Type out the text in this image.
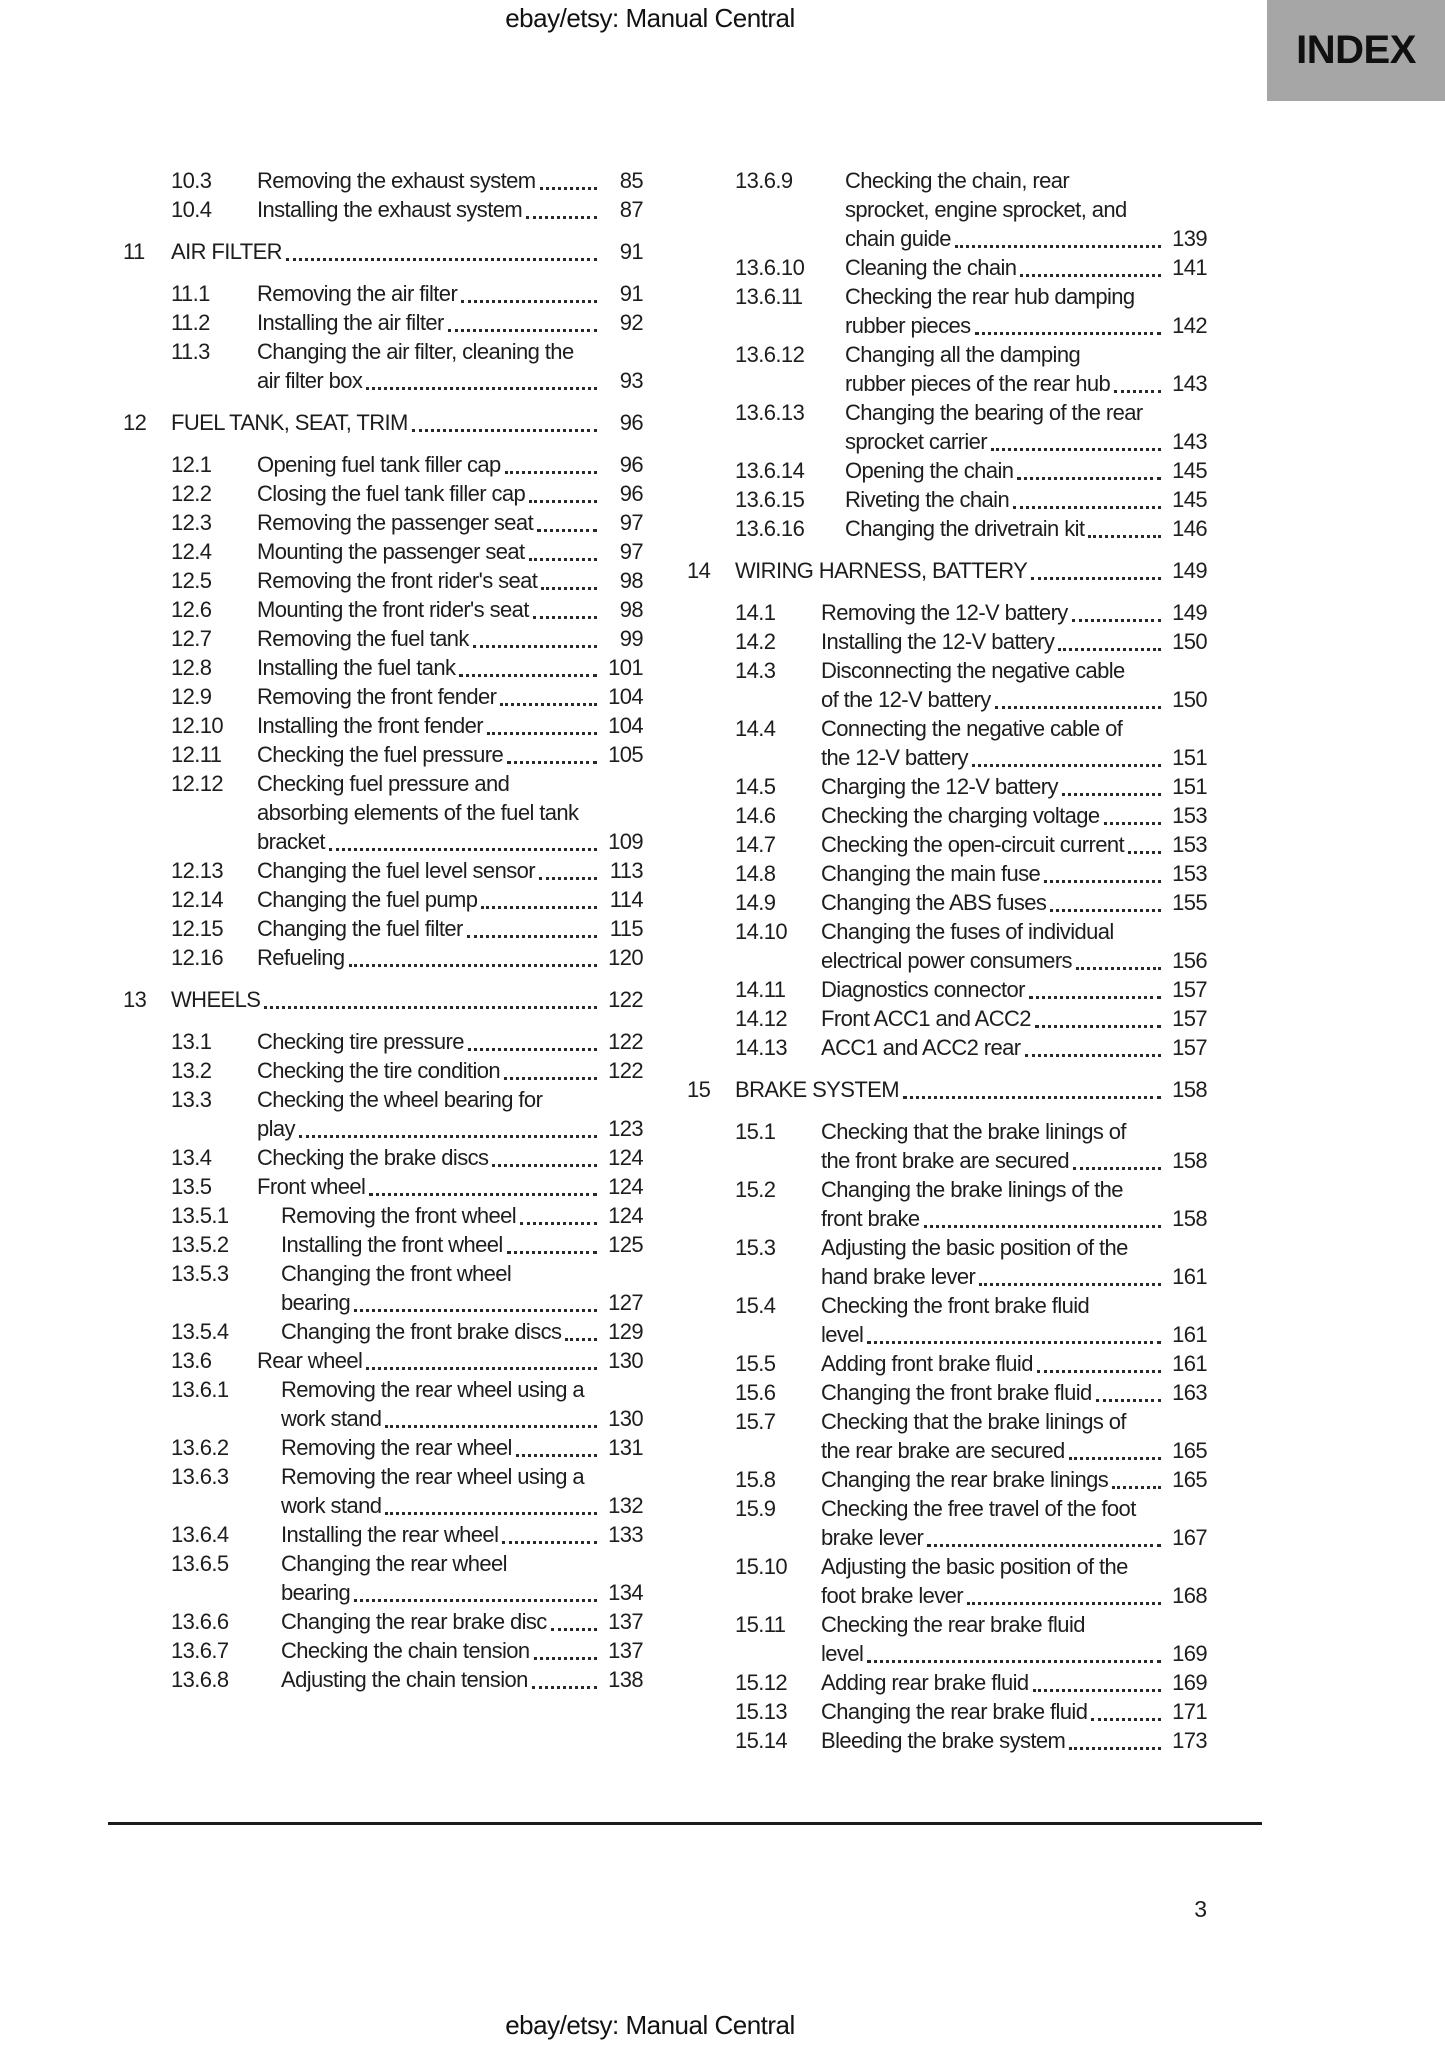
ebay/etsy: Manual Central
INDEX
10.3	Removing the exhaust system	85
10.4	Installing the exhaust system	87
11	AIR FILTER	91
11.1	Removing the air filter	91
11.2	Installing the air filter	92
11.3	Changing the air filter, cleaning the
air filter box	93
12	FUEL TANK, SEAT, TRIM	96
12.1	Opening fuel tank filler cap	96
12.2	Closing the fuel tank filler cap	96
12.3	Removing the passenger seat	97
12.4	Mounting the passenger seat	97
12.5	Removing the front rider's seat	98
12.6	Mounting the front rider's seat	98
12.7	Removing the fuel tank	99
12.8	Installing the fuel tank	101
12.9	Removing the front fender	104
12.10	Installing the front fender	104
12.11	Checking the fuel pressure	105
12.12	Checking fuel pressure and
absorbing elements of the fuel tank
bracket	109
12.13	Changing the fuel level sensor	113
12.14	Changing the fuel pump	114
12.15	Changing the fuel filter	115
12.16	Refueling	120
13	WHEELS	122
13.1	Checking tire pressure	122
13.2	Checking the tire condition	122
13.3	Checking the wheel bearing for
play	123
13.4	Checking the brake discs	124
13.5	Front wheel	124
13.5.1	Removing the front wheel	124
13.5.2	Installing the front wheel	125
13.5.3	Changing the front wheel
bearing	127
13.5.4	Changing the front brake discs	129
13.6	Rear wheel	130
13.6.1	Removing the rear wheel using a
work stand	130
13.6.2	Removing the rear wheel	131
13.6.3	Removing the rear wheel using a
work stand	132
13.6.4	Installing the rear wheel	133
13.6.5	Changing the rear wheel
bearing	134
13.6.6	Changing the rear brake disc	137
13.6.7	Checking the chain tension	137
13.6.8	Adjusting the chain tension	138
13.6.9	Checking the chain, rear
sprocket, engine sprocket, and
chain guide	139
13.6.10	Cleaning the chain	141
13.6.11	Checking the rear hub damping
rubber pieces	142
13.6.12	Changing all the damping
rubber pieces of the rear hub	143
13.6.13	Changing the bearing of the rear
sprocket carrier	143
13.6.14	Opening the chain	145
13.6.15	Riveting the chain	145
13.6.16	Changing the drivetrain kit	146
14	WIRING HARNESS, BATTERY	149
14.1	Removing the 12-V battery	149
14.2	Installing the 12-V battery	150
14.3	Disconnecting the negative cable
of the 12-V battery	150
14.4	Connecting the negative cable of
the 12-V battery	151
14.5	Charging the 12-V battery	151
14.6	Checking the charging voltage	153
14.7	Checking the open-circuit current	153
14.8	Changing the main fuse	153
14.9	Changing the ABS fuses	155
14.10	Changing the fuses of individual
electrical power consumers	156
14.11	Diagnostics connector	157
14.12	Front ACC1 and ACC2	157
14.13	ACC1 and ACC2 rear	157
15	BRAKE SYSTEM	158
15.1	Checking that the brake linings of
the front brake are secured	158
15.2	Changing the brake linings of the
front brake	158
15.3	Adjusting the basic position of the
hand brake lever	161
15.4	Checking the front brake fluid
level	161
15.5	Adding front brake fluid	161
15.6	Changing the front brake fluid	163
15.7	Checking that the brake linings of
the rear brake are secured	165
15.8	Changing the rear brake linings	165
15.9	Checking the free travel of the foot
brake lever	167
15.10	Adjusting the basic position of the
foot brake lever	168
15.11	Checking the rear brake fluid
level	169
15.12	Adding rear brake fluid	169
15.13	Changing the rear brake fluid	171
15.14	Bleeding the brake system	173
3
ebay/etsy: Manual Central
